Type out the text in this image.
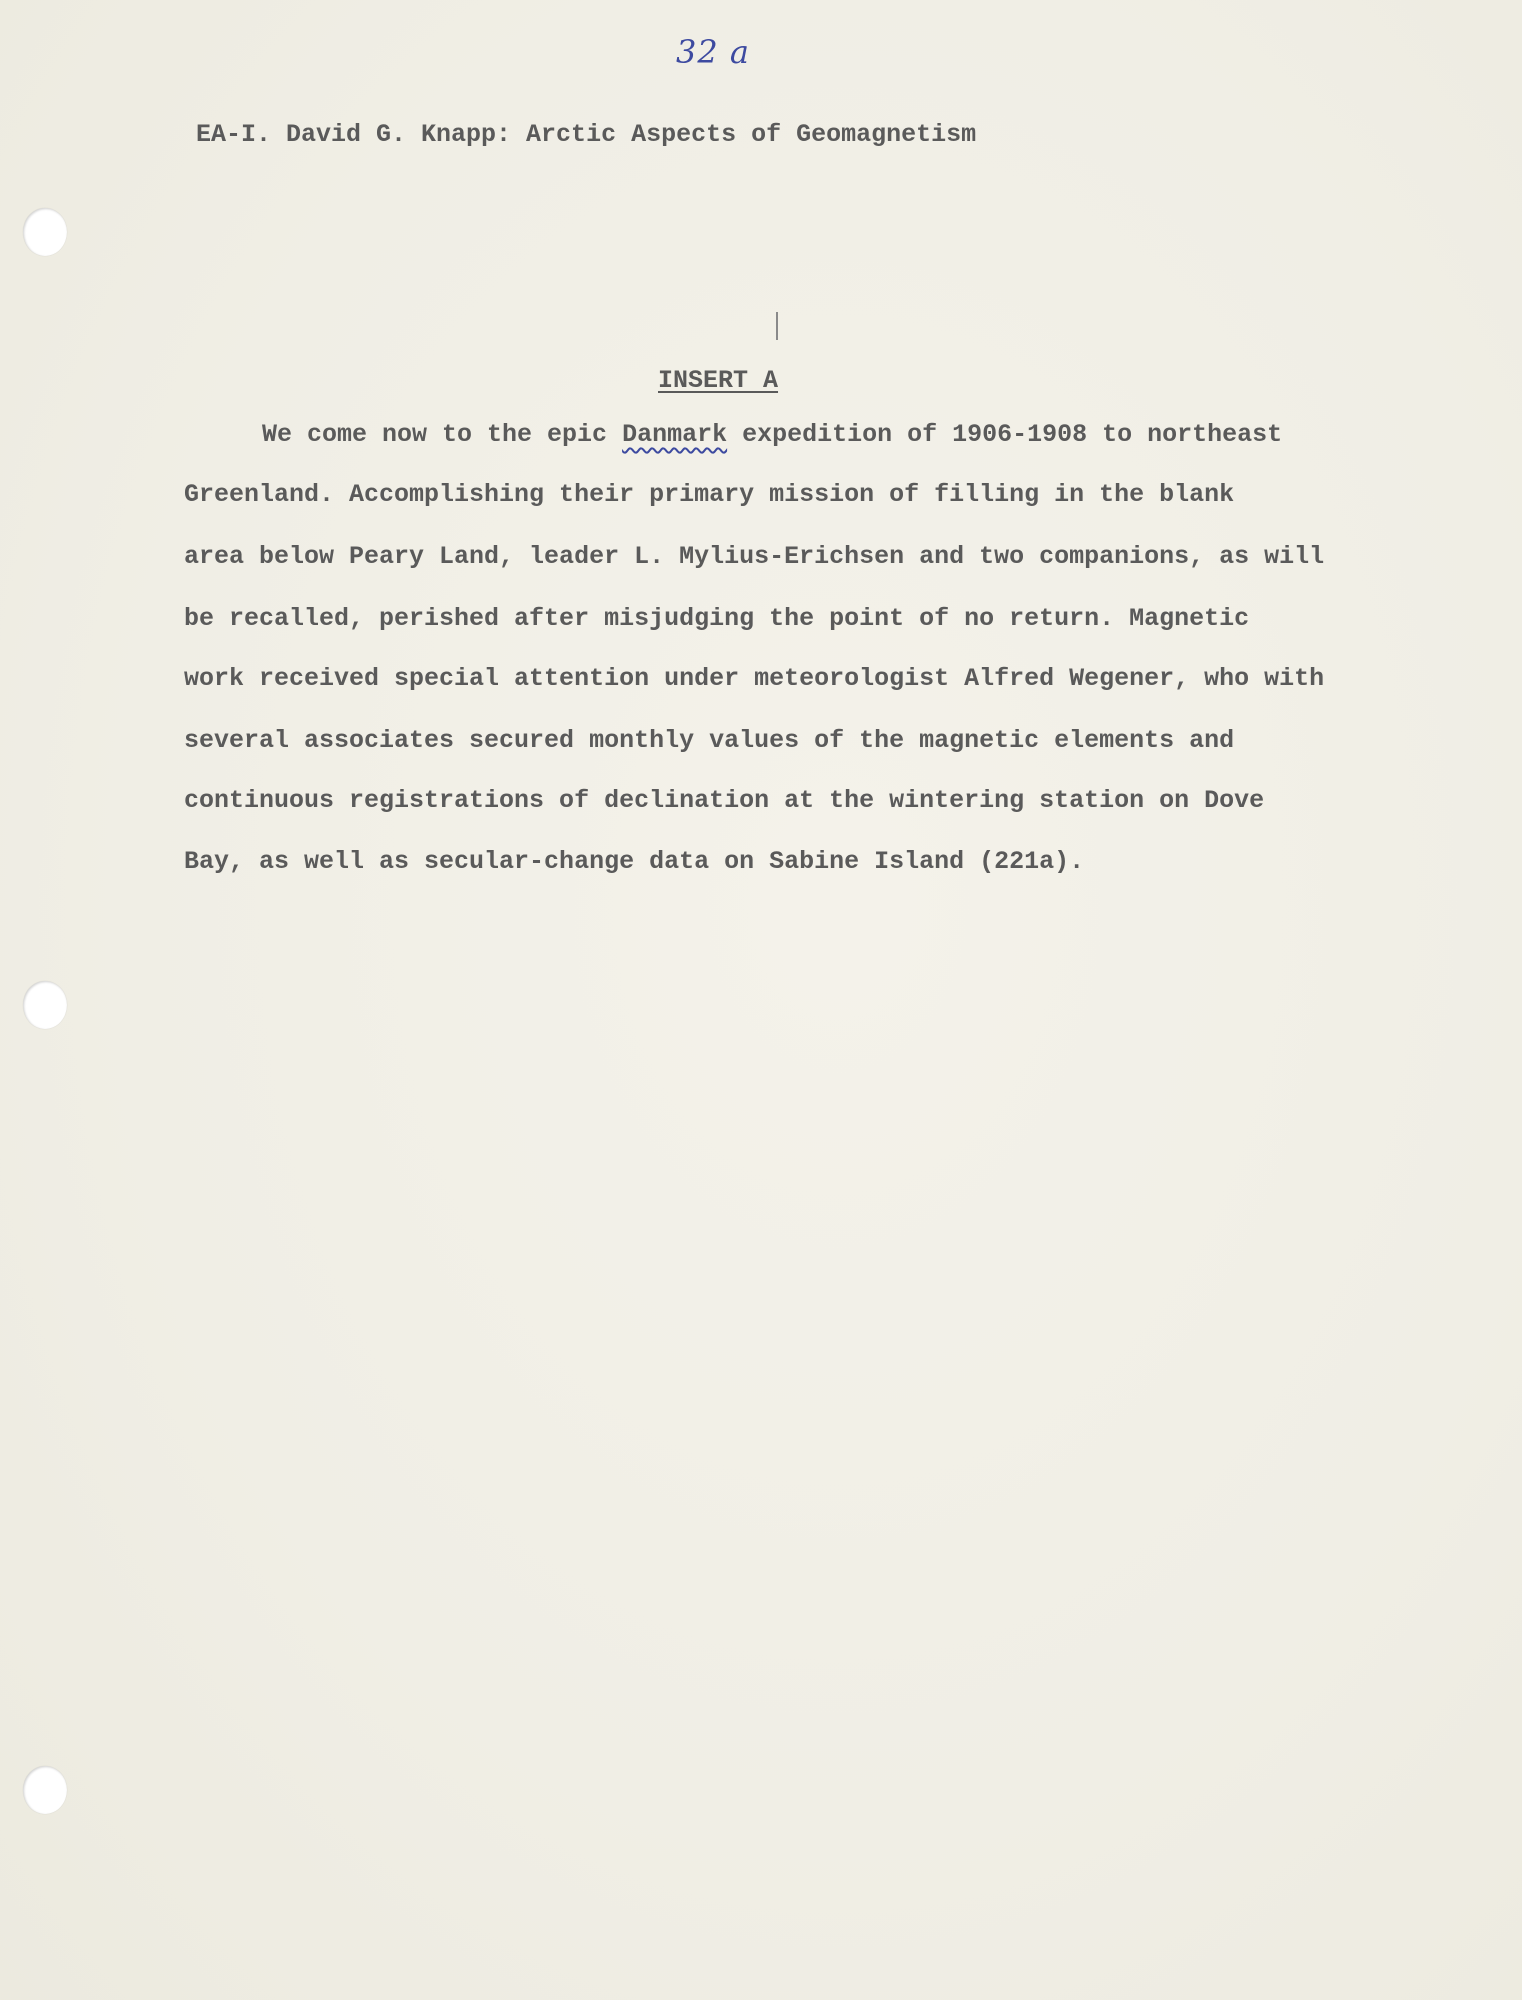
32 a
EA-I. David G. Knapp: Arctic Aspects of Geomagnetism
INSERT A
We come now to the epic Danmark expedition of 1906-1908 to northeast
Greenland. Accomplishing their primary mission of filling in the blank
area below Peary Land, leader L. Mylius-Erichsen and two companions, as will
be recalled, perished after misjudging the point of no return. Magnetic
work received special attention under meteorologist Alfred Wegener, who with
several associates secured monthly values of the magnetic elements and
continuous registrations of declination at the wintering station on Dove
Bay, as well as secular-change data on Sabine Island (221a).
